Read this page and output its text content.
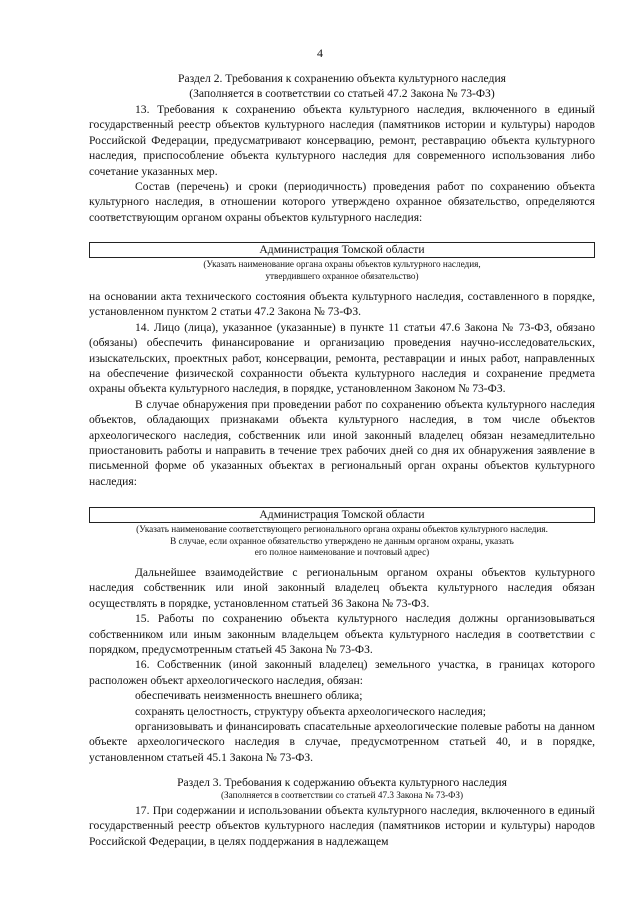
4

Раздел 2. Требования к сохранению объекта культурного наследия

(Заполняется в соответствии со статьей 47.2 Закона № 73-ФЗ)

13. Требования к сохранению объекта культурного наследия, включенного в единый государственный реестр объектов культурного наследия (памятников истории и культуры) народов Российской Федерации, предусматривают консервацию, ремонт, реставрацию объекта культурного наследия, приспособление объекта культурного наследия для современного использования либо сочетание указанных мер.

Состав (перечень) и сроки (периодичность) проведения работ по сохранению объекта культурного наследия, в отношении которого утверждено охранное обязательство, определяются соответствующим органом охраны объектов культурного наследия:

Администрация Томской области
(Указать наименование органа охраны объектов культурного наследия,
утвердившего охранное обязательство)

на основании акта технического состояния объекта культурного наследия, составленного в порядке, установленном пунктом 2 статьи 47.2 Закона № 73-ФЗ.

14. Лицо (лица), указанное (указанные) в пункте 11 статьи 47.6 Закона № 73-ФЗ, обязано (обязаны) обеспечить финансирование и организацию проведения научно-исследовательских, изыскательских, проектных работ, консервации, ремонта, реставрации и иных работ, направленных на обеспечение физической сохранности объекта культурного наследия и сохранение предмета охраны объекта культурного наследия, в порядке, установленном Законом № 73-ФЗ.

В случае обнаружения при проведении работ по сохранению объекта культурного наследия объектов, обладающих признаками объекта культурного наследия, в том числе объектов археологического наследия, собственник или иной законный владелец обязан незамедлительно приостановить работы и направить в течение трех рабочих дней со дня их обнаружения заявление в письменной форме об указанных объектах в региональный орган охраны объектов культурного наследия:

Администрация Томской области
(Указать наименование соответствующего регионального органа охраны объектов культурного наследия.
В случае, если охранное обязательство утверждено не данным органом охраны, указать
его полное наименование и почтовый адрес)

Дальнейшее взаимодействие с региональным органом охраны объектов культурного наследия собственник или иной законный владелец объекта культурного наследия обязан осуществлять в порядке, установленном статьей 36 Закона № 73-ФЗ.

15. Работы по сохранению объекта культурного наследия должны организовываться собственником или иным законным владельцем объекта культурного наследия в соответствии с порядком, предусмотренным статьей 45 Закона № 73-ФЗ.

16. Собственник (иной законный владелец) земельного участка, в границах которого расположен объект археологического наследия, обязан:

обеспечивать неизменность внешнего облика;

сохранять целостность, структуру объекта археологического наследия;

организовывать и финансировать спасательные археологические полевые работы на данном объекте археологического наследия в случае, предусмотренном статьей 40, и в порядке, установленном статьей 45.1 Закона № 73-ФЗ.

Раздел 3. Требования к содержанию объекта культурного наследия

(Заполняется в соответствии со статьей 47.3 Закона № 73-ФЗ)

17. При содержании и использовании объекта культурного наследия, включенного в единый государственный реестр объектов культурного наследия (памятников истории и культуры) народов Российской Федерации, в целях поддержания в надлежащем
